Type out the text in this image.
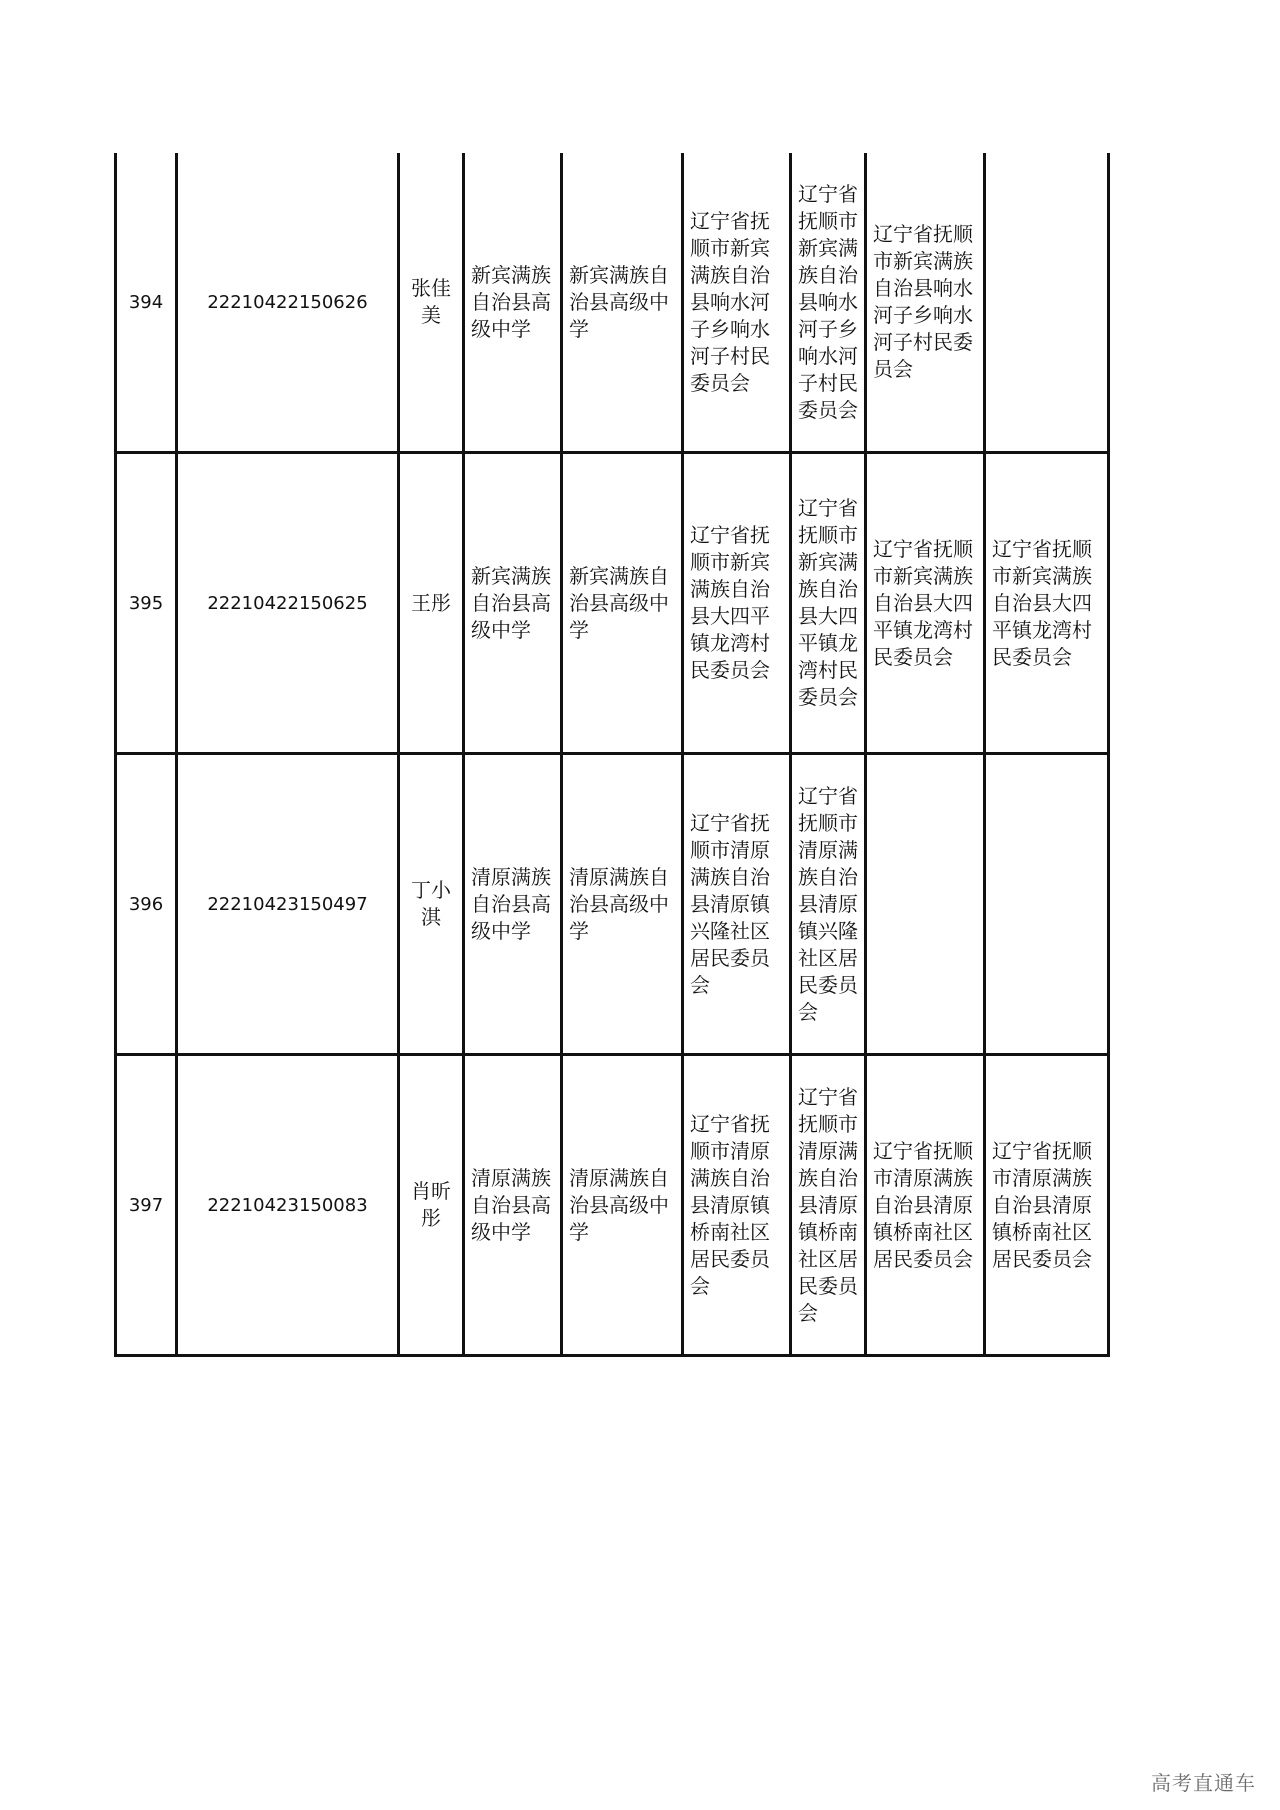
394	22210422150626	张佳美	新宾满族自治县高级中学	新宾满族自治县高级中学	辽宁省抚顺市新宾满族自治县响水河子乡响水河子村民委员会	辽宁省抚顺市新宾满族自治县响水河子乡响水河子村民委员会	辽宁省抚顺市新宾满族自治县响水河子乡响水河子村民委员会	
395	22210422150625	王彤	新宾满族自治县高级中学	新宾满族自治县高级中学	辽宁省抚顺市新宾满族自治县大四平镇龙湾村民委员会	辽宁省抚顺市新宾满族自治县大四平镇龙湾村民委员会	辽宁省抚顺市新宾满族自治县大四平镇龙湾村民委员会	辽宁省抚顺市新宾满族自治县大四平镇龙湾村民委员会
396	22210423150497	丁小淇	清原满族自治县高级中学	清原满族自治县高级中学	辽宁省抚顺市清原满族自治县清原镇兴隆社区居民委员会	辽宁省抚顺市清原满族自治县清原镇兴隆社区居民委员会		
397	22210423150083	肖昕彤	清原满族自治县高级中学	清原满族自治县高级中学	辽宁省抚顺市清原满族自治县清原镇桥南社区居民委员会	辽宁省抚顺市清原满族自治县清原镇桥南社区居民委员会	辽宁省抚顺市清原满族自治县清原镇桥南社区居民委员会	辽宁省抚顺市清原满族自治县清原镇桥南社区居民委员会
高考直通车
